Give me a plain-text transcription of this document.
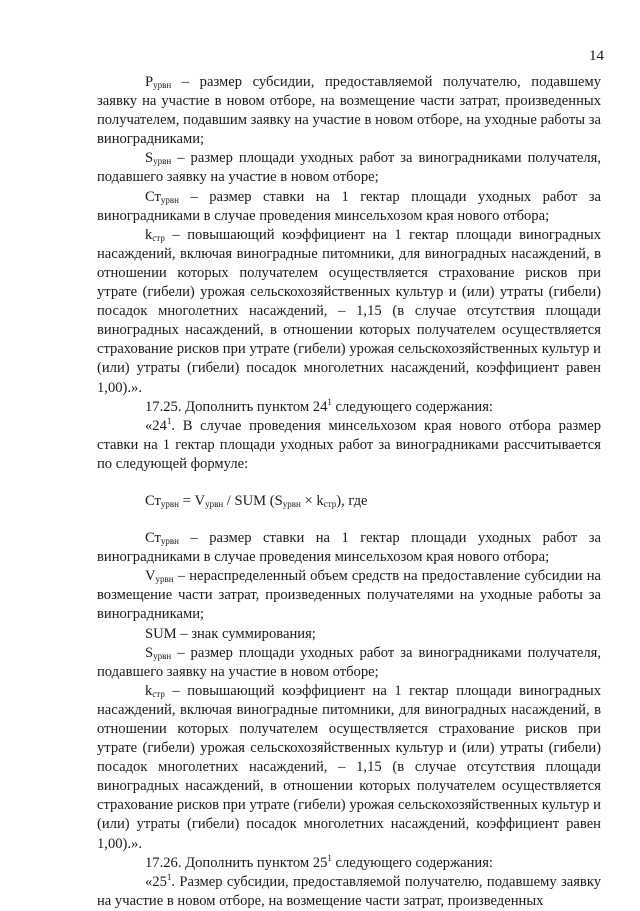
14

$P_{урвн}$ – размер субсидии, предоставляемой получателю, подавшему заявку на участие в новом отборе, на возмещение части затрат, произведенных получателем, подавшим заявку на участие в новом отборе, на уходные работы за виноградниками;

$S_{урвн}$ – размер площади уходных работ за виноградниками получателя, подавшего заявку на участие в новом отборе;

$Ст_{урвн}$ – размер ставки на 1 гектар площади уходных работ за виноградниками в случае проведения минсельхозом края нового отбора;

$k_{стр}$ – повышающий коэффициент на 1 гектар площади виноградных насаждений, включая виноградные питомники, для виноградных насаждений, в отношении которых получателем осуществляется страхование рисков при утрате (гибели) урожая сельскохозяйственных культур и (или) утраты (гибели) посадок многолетних насаждений, – 1,15 (в случае отсутствия площади виноградных насаждений, в отношении которых получателем осуществляется страхование рисков при утрате (гибели) урожая сельскохозяйственных культур и (или) утраты (гибели) посадок многолетних насаждений, коэффициент равен 1,00).».

17.25. Дополнить пунктом $24^1$ следующего содержания:

«$24^1$. В случае проведения минсельхозом края нового отбора размер ставки на 1 гектар площади уходных работ за виноградниками рассчитывается по следующей формуле:

$Ст_{урвн} = V_{урвн}$ / SUM $(S_{урвн} \times k_{стр})$, где

$Ст_{урвн}$ – размер ставки на 1 гектар площади уходных работ за виноградниками в случае проведения минсельхозом края нового отбора;

$V_{урвн}$ – нераспределенный объем средств на предоставление субсидии на возмещение части затрат, произведенных получателями на уходные работы за виноградниками;

SUM – знак суммирования;

$S_{урвн}$ – размер площади уходных работ за виноградниками получателя, подавшего заявку на участие в новом отборе;

$k_{стр}$ – повышающий коэффициент на 1 гектар площади виноградных насаждений, включая виноградные питомники, для виноградных насаждений, в отношении которых получателем осуществляется страхование рисков при утрате (гибели) урожая сельскохозяйственных культур и (или) утраты (гибели) посадок многолетних насаждений, – 1,15 (в случае отсутствия площади виноградных насаждений, в отношении которых получателем осуществляется страхование рисков при утрате (гибели) урожая сельскохозяйственных культур и (или) утраты (гибели) посадок многолетних насаждений, коэффициент равен 1,00).».

17.26. Дополнить пунктом $25^1$ следующего содержания:

«$25^1$. Размер субсидии, предоставляемой получателю, подавшему заявку на участие в новом отборе, на возмещение части затрат, произведенных
